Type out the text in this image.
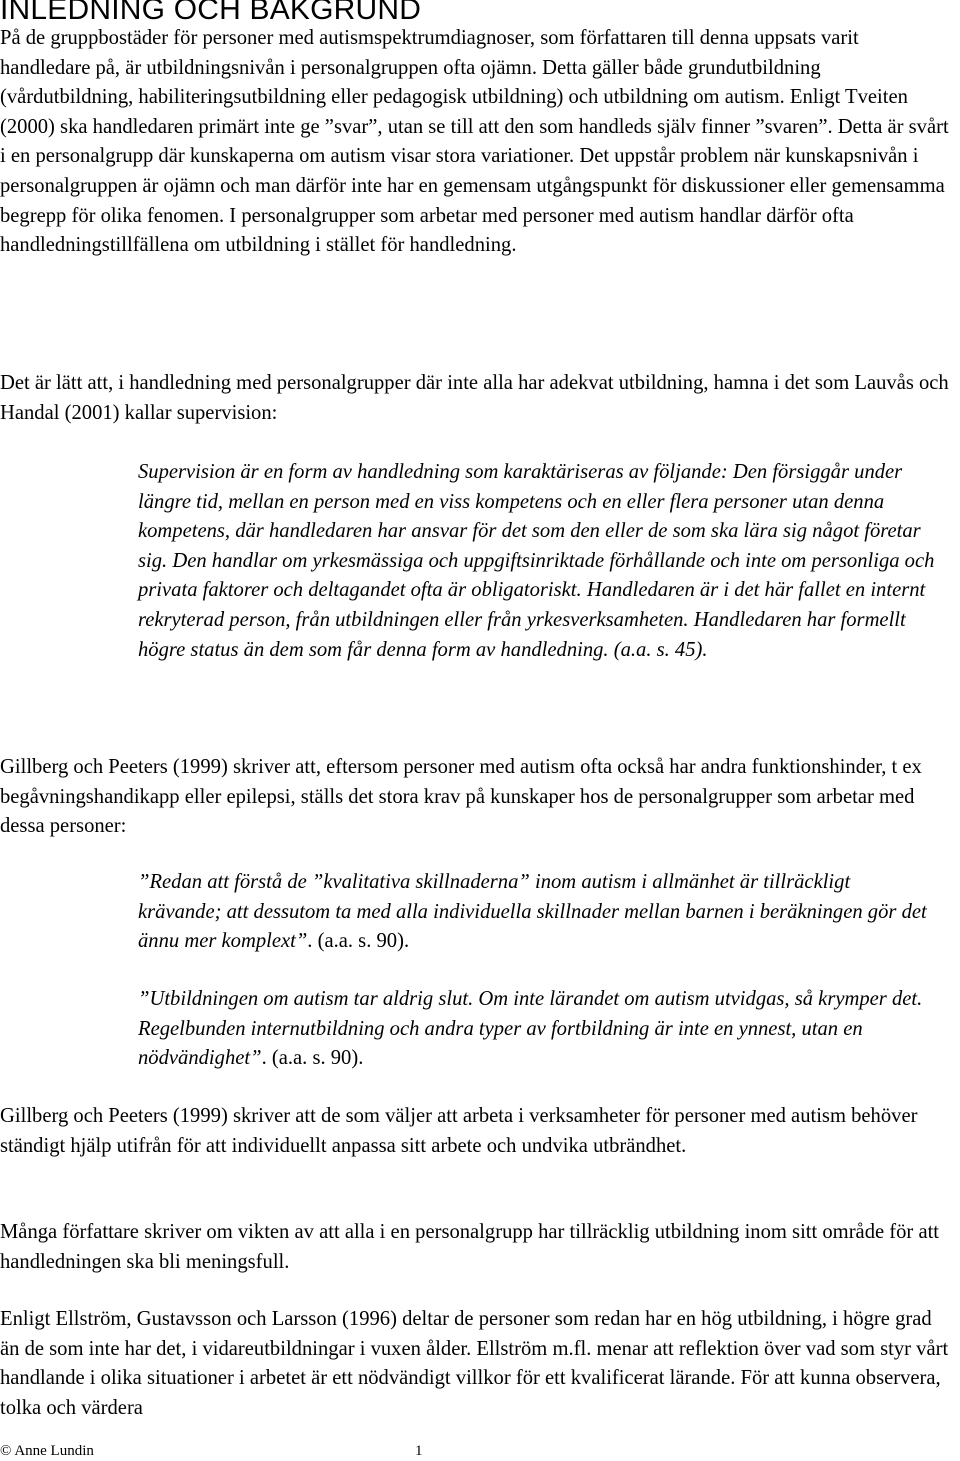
INLEDNING OCH BAKGRUND

På de gruppbostäder för personer med autismspektrumdiagnoser, som författaren till denna uppsats varit handledare på, är utbildningsnivån i personalgruppen ofta ojämn. Detta gäller både grundutbildning (vårdutbildning, habiliteringsutbildning eller pedagogisk utbildning) och utbildning om autism. Enligt Tveiten (2000) ska handledaren primärt inte ge ”svar”, utan se till att den som handleds själv finner ”svaren”. Detta är svårt i en personalgrupp där kunskaperna om autism visar stora variationer. Det uppstår problem när kunskapsnivån i personalgruppen är ojämn och man därför inte har en gemensam utgångspunkt för diskussioner eller gemensamma begrepp för olika fenomen. I personalgrupper som arbetar med personer med autism handlar därför ofta handledningstillfällena om utbildning i stället för handledning.

Det är lätt att, i handledning med personalgrupper där inte alla har adekvat utbildning, hamna i det som Lauvås och Handal (2001) kallar supervision:

Supervision är en form av handledning som karaktäriseras av följande: Den försiggår under längre tid, mellan en person med en viss kompetens och en eller flera personer utan denna kompetens, där handledaren har ansvar för det som den eller de som ska lära sig något företar sig. Den handlar om yrkesmässiga och uppgiftsinriktade förhållande och inte om personliga och privata faktorer och deltagandet ofta är obligatoriskt. Handledaren är i det här fallet en internt rekryterad person, från utbildningen eller från yrkesverksamheten. Handledaren har formellt högre status än dem som får denna form av handledning. (a.a. s. 45).

Gillberg och Peeters (1999) skriver att, eftersom personer med autism ofta också har andra funktionshinder, t ex begåvningshandikapp eller epilepsi, ställs det stora krav på kunskaper hos de personalgrupper som arbetar med dessa personer:

”Redan att förstå de ”kvalitativa skillnaderna” inom autism i allmänhet är tillräckligt krävande; att dessutom ta med alla individuella skillnader mellan barnen i beräkningen gör det ännu mer komplext”. (a.a. s. 90).

”Utbildningen om autism tar aldrig slut. Om inte lärandet om autism utvidgas, så krymper det. Regelbunden internutbildning och andra typer av fortbildning är inte en ynnest, utan en nödvändighet”. (a.a. s. 90).

Gillberg och Peeters (1999) skriver att de som väljer att arbeta i verksamheter för personer med autism behöver ständigt hjälp utifrån för att individuellt anpassa sitt arbete och undvika utbrändhet.

Många författare skriver om vikten av att alla i en personalgrupp har tillräcklig utbildning inom sitt område för att handledningen ska bli meningsfull.

Enligt Ellström, Gustavsson och Larsson (1996) deltar de personer som redan har en hög utbildning, i högre grad än de som inte har det, i vidareutbildningar i vuxen ålder. Ellström m.fl. menar att reflektion över vad som styr vårt handlande i olika situationer i arbetet är ett nödvändigt villkor för ett kvalificerat lärande. För att kunna observera, tolka och värdera

© Anne Lundin	1
